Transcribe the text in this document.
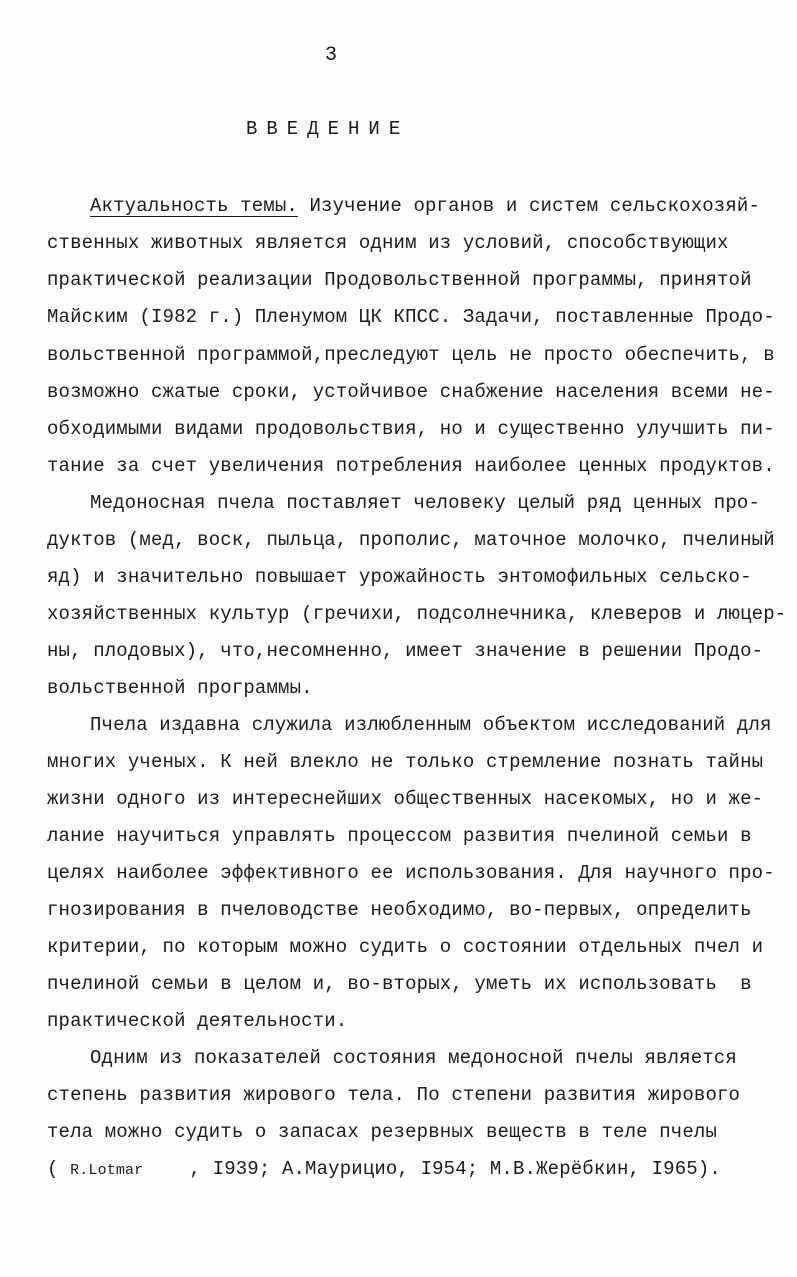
3
ВВЕДЕНИЕ
Актуальность темы. Изучение органов и систем сельскохозяй-
ственных животных является одним из условий, способствующих
практической реализации Продовольственной программы, принятой
Майским (I982 г.) Пленумом ЦК КПСС. Задачи, поставленные Продо-
вольственной программой,преследуют цель не просто обеспечить, в
возможно сжатые сроки, устойчивое снабжение населения всеми не-
обходимыми видами продовольствия, но и существенно улучшить пи-
тание за счет увеличения потребления наиболее ценных продуктов.
Медоносная пчела поставляет человеку целый ряд ценных про-
дуктов (мед, воск, пыльца, прополис, маточное молочко, пчелиный
яд) и значительно повышает урожайность энтомофильных сельско-
хозяйственных культур (гречихи, подсолнечника, клеверов и люцер-
ны, плодовых), что,несомненно, имеет значение в решении Продо-
вольственной программы.
Пчела издавна служила излюбленным объектом исследований для
многих ученых. К ней влекло не только стремление познать тайны
жизни одного из интереснейших общественных насекомых, но и же-
лание научиться управлять процессом развития пчелиной семьи в
целях наиболее эффективного ее использования. Для научного про-
гнозирования в пчеловодстве необходимо, во-первых, определить
критерии, по которым можно судить о состоянии отдельных пчел и
пчелиной семьи в целом и, во-вторых, уметь их использовать  в
практической деятельности.
Одним из показателей состояния медоносной пчелы является
степень развития жирового тела. По степени развития жирового
тела можно судить о запасах резервных веществ в теле пчелы
( R.Lotmar    , I939; А.Маурицио, I954; М.В.Жерёбкин, I965).
